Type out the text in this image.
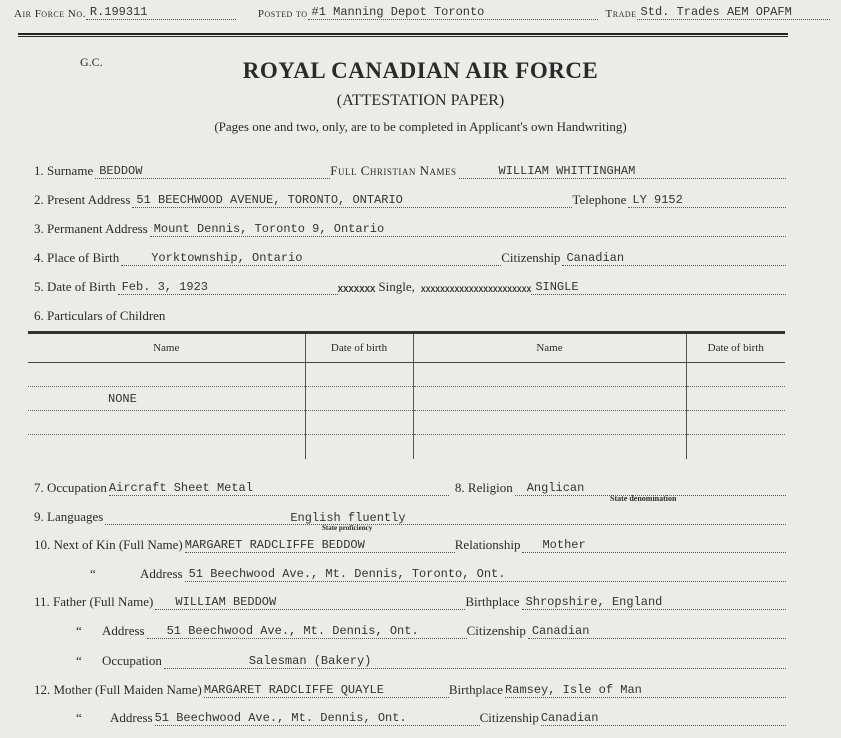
Air Force No. R.199311	Posted to #1 Manning Depot Toronto	Trade Std. Trades AEM OPAFM
G.C.	ROYAL CANADIAN AIR FORCE
(ATTESTATION PAPER)
(Pages one and two, only, are to be completed in Applicant's own Handwriting)
1. Surname BEDDOW	Full Christian Names	WILLIAM WHITTINGHAM
2. Present Address 51 BEECHWOOD AVENUE, TORONTO, ONTARIO	Telephone LY 9152
3. Permanent Address Mount Dennis, Toronto 9, Ontario
4. Place of Birth	Yorktownship, Ontario	Citizenship Canadian
5. Date of Birth Feb. 3, 1923	XXXXXXX Single, XXXXXXXXXXXXXXXXXXXXXXX SINGLE
6. Particulars of Children
Name	Date of birth	Name	Date of birth

NONE			

7. Occupation Aircraft Sheet Metal	8. Religion	Anglican
State denomination
9. Languages	English fluently
State proficiency
10. Next of Kin (Full Name) MARGARET RADCLIFFE BEDDOW	Relationship	Mother
“	Address 51 Beechwood Ave., Mt. Dennis, Toronto, Ont.
11. Father (Full Name)	WILLIAM BEDDOW	Birthplace Shropshire, England
“	Address	51 Beechwood Ave., Mt. Dennis, Ont.	Citizenship Canadian
“	Occupation	Salesman (Bakery)
12. Mother (Full Maiden Name) MARGARET RADCLIFFE QUAYLE	Birthplace Ramsey, Isle of Man
“	Address 51 Beechwood Ave., Mt. Dennis, Ont.	Citizenship Canadian
